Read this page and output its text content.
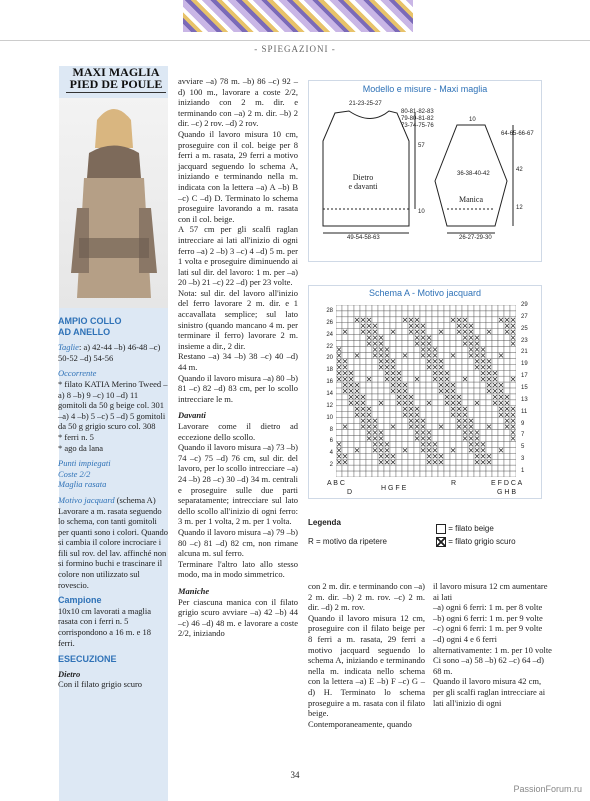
- SPIEGAZIONI -
MAXI MAGLIA
PIED DE POULE
AMPIO COLLO
AD ANELLO
Taglie: a) 42-44 –b) 46-48 –c) 50-52 –d) 54-56
Occorrente
* filato KATIA Merino Tweed –a) 8 –b) 9 –c) 10 –d) 11 gomitoli da 50 g beige col. 301 –a) 4 –b) 5 –c) 5 –d) 5 gomitoli da 50 g grigio scuro col. 308
* ferri n. 5
* ago da lana
Punti impiegati
Coste 2/2
Maglia rasata
Motivo jacquard (schema A) Lavorare a m. rasata seguendo lo schema, con tanti gomitoli per quanti sono i colori. Quando si cambia il colore incrociare i fili sul rov. del lav. affinché non si formino buchi e trascinare il colore non utilizzato sul rovescio.
Campione
10x10 cm lavorati a maglia rasata con i ferri n. 5 corrispondono a 16 m. e 18 ferri.
ESECUZIONE
Dietro
Con il filato grigio scuro

avviare –a) 78 m. –b) 86 –c) 92 –d) 100 m., lavorare a coste 2/2, iniziando con 2 m. dir. e terminando con –a) 2 m. dir. –b) 2 dir. –c) 2 rov. –d) 2 rov.

Quando il lavoro misura 10 cm, proseguire con il col. beige per 8 ferri a m. rasata, 29 ferri a motivo jacquard seguendo lo schema A, iniziando e terminando nella m. indicata con la lettera –a) A –b) B –c) C –d) D. Terminato lo schema proseguire lavorando a m. rasata con il col. beige.

A 57 cm per gli scalfi raglan intrecciare ai lati all'inizio di ogni ferro –a) 2 –b) 3 –c) 4 –d) 5 m. per 1 volta e proseguire diminuendo ai lati sul dir. del lavoro: 1 m. per –a) 20 –b) 21 –c) 22 –d) per 23 volte.

Nota: sul dir. del lavoro all'inizio del ferro lavorare 2 m. dir. e 1 accavallata semplice; sul lato sinistro (quando mancano 4 m. per terminare il ferro) lavorare 2 m. insieme a dir., 2 dir.

Restano –a) 34 –b) 38 –c) 40 –d) 44 m.

Quando il lavoro misura –a) 80 –b) 81 –c) 82 –d) 83 cm, per lo scollo intrecciare le m.

Davanti

Lavorare come il dietro ad eccezione dello scollo.

Quando il lavoro misura –a) 73 –b) 74 –c) 75 –d) 76 cm, sul dir. del lavoro, per lo scollo intrecciare –a) 24 –b) 28 –c) 30 –d) 34 m. centrali e proseguire sulle due parti separatamente; intrecciare sul lato dello scollo all'inizio di ogni ferro: 3 m. per 1 volta, 2 m. per 1 volta.

Quando il lavoro misura –a) 79 –b) 80 –c) 81 –d) 82 cm, non rimane alcuna m. sul ferro.

Terminare l'altro lato allo stesso modo, ma in modo simmetrico.

Maniche

Per ciascuna manica con il filato grigio scuro avviare –a) 42 –b) 44 –c) 46 –d) 48 m. e lavorare a coste 2/2, iniziando

Modello e misure - Maxi maglia
21-23-25-27
80-81-82-83
79-80-81-82
73-74-75-76
57
10
Dietro
e davanti
49-54-58-63
10
64-65-66-67
42
12
36-38-40-42
Manica
26-27-29-30
Schema A - Motivo jacquard
29
27
25
23
21
19
17
15
13
11
9
7
5
3
1
28
26
24
22
20
18
16
14
12
10
8
6
4
2
A B C
D
H G F E
R	E F D C A
G H B
Legenda
R = motivo da ripetere
= filato beige
= filato grigio scuro

con 2 m. dir. e terminando con –a) 2 m. dir. –b) 2 m. rov. –c) 2 m. dir. –d) 2 m. rov.

Quando il lavoro misura 12 cm, proseguire con il filato beige per 8 ferri a m. rasata, 29 ferri a motivo jacquard seguendo lo schema A, iniziando e terminando nella m. indicata nello schema con la lettera –a) E –b) F –c) G –d) H. Terminato lo schema proseguire a m. rasata con il filato beige.

Contemporaneamente, quando

il lavoro misura 12 cm aumentare ai lati

–a) ogni 6 ferri: 1 m. per 8 volte

–b) ogni 6 ferri: 1 m. per 9 volte

–c) ogni 6 ferri: 1 m. per 9 volte

–d) ogni 4 e 6 ferri alternativamente: 1 m. per 10 volte

Ci sono –a) 58 –b) 62 –c) 64 –d) 68 m.

Quando il lavoro misura 42 cm, per gli scalfi raglan intrecciare ai lati all'inizio di ogni

34
PassionForum.ru
